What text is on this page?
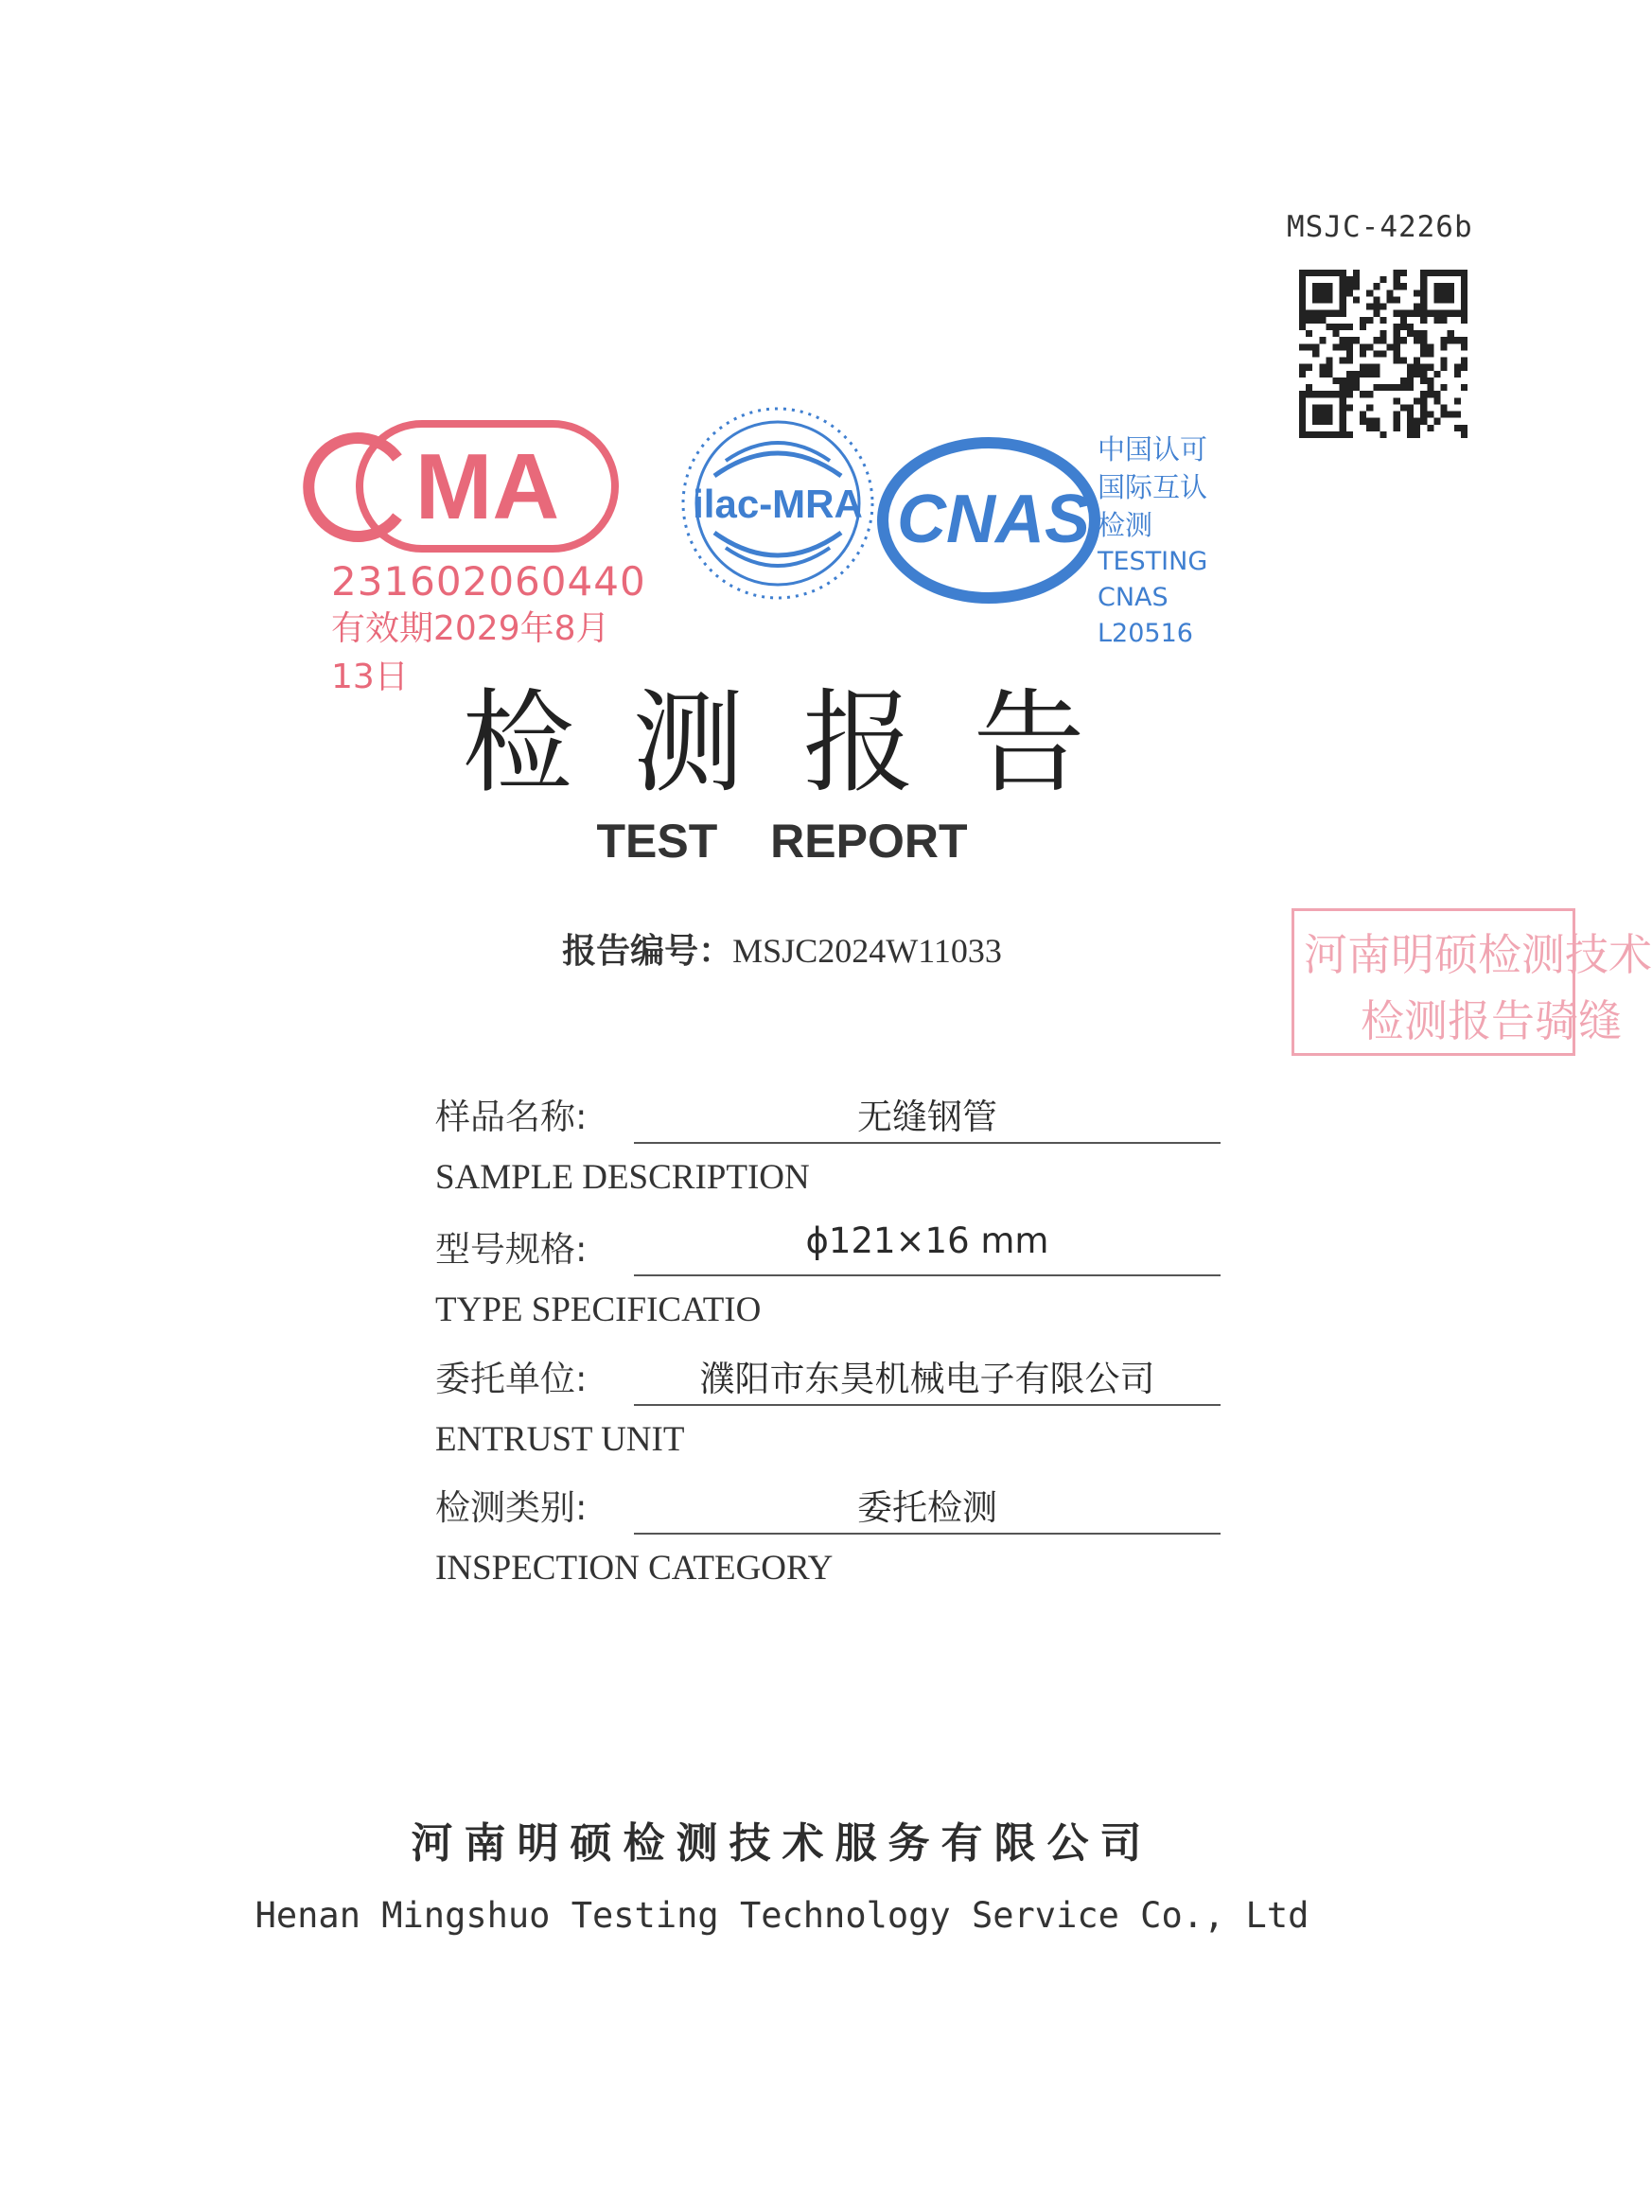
MSJC-4226b
MA
231602060440
有效期2029年8月13日
ilac-MRA CNAS
中国认可
国际互认
检测
TESTING
CNAS L20516
检测报告
TEST REPORT
报告编号：MSJC2024W11033	河南明硕检测技术
检测报告骑缝
样品名称:	无缝钢管
SAMPLE DESCRIPTION
型号规格:	ϕ121×16 mm
TYPE SPECIFICATIO
委托单位:	濮阳市东昊机械电子有限公司
ENTRUST UNIT
检测类别:	委托检测
INSPECTION CATEGORY
河南明硕检测技术服务有限公司
Henan Mingshuo Testing Technology Service Co., Ltd
